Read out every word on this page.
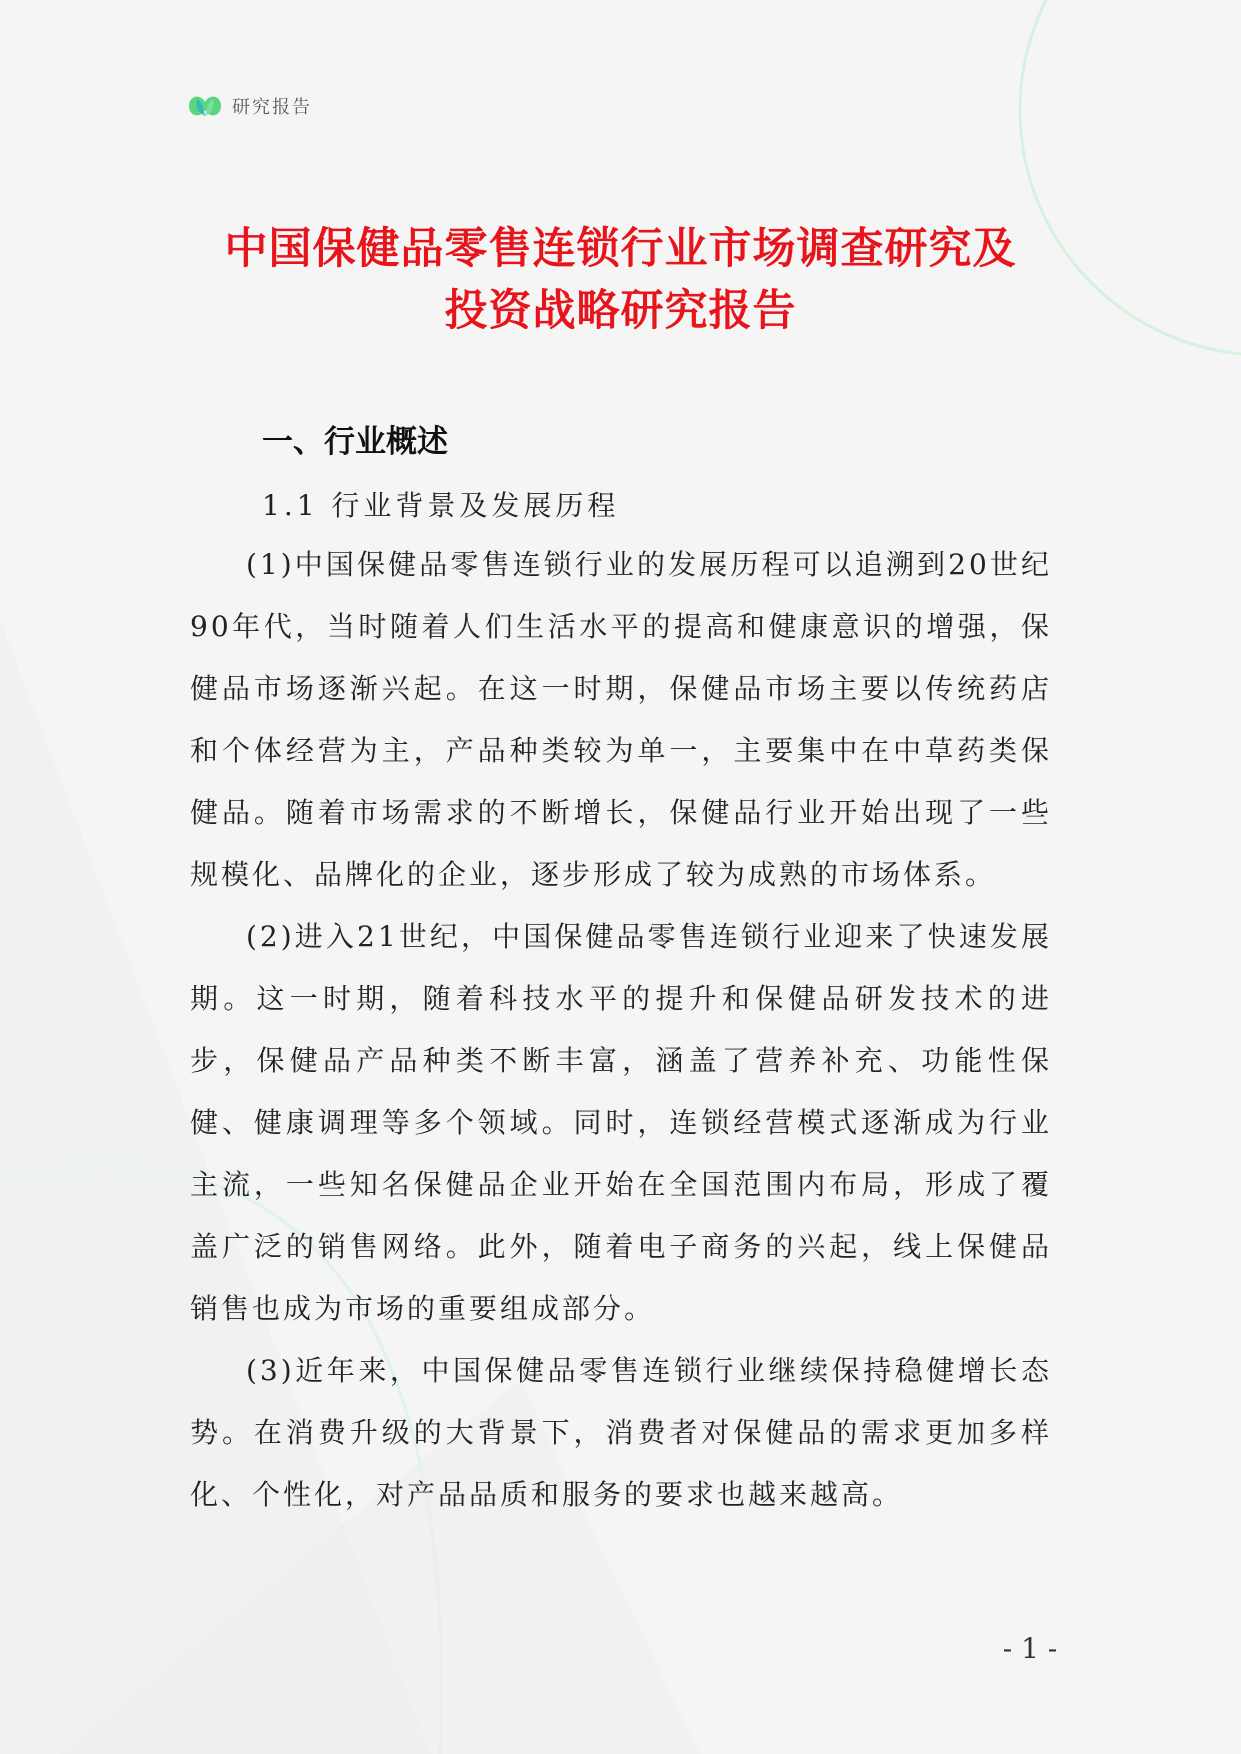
研究报告
中国保健品零售连锁行业市场调查研究及
投资战略研究报告
一、行业概述
1.1 行业背景及发展历程

(1)中国保健品零售连锁行业的发展历程可以追溯到20世纪90年代，当时随着人们生活水平的提高和健康意识的增强，保健品市场逐渐兴起。在这一时期，保健品市场主要以传统药店和个体经营为主，产品种类较为单一，主要集中在中草药类保健品。随着市场需求的不断增长，保健品行业开始出现了一些规模化、品牌化的企业，逐步形成了较为成熟的市场体系。

(2)进入21世纪，中国保健品零售连锁行业迎来了快速发展期。这一时期，随着科技水平的提升和保健品研发技术的进步，保健品产品种类不断丰富，涵盖了营养补充、功能性保健、健康调理等多个领域。同时，连锁经营模式逐渐成为行业主流，一些知名保健品企业开始在全国范围内布局，形成了覆盖广泛的销售网络。此外，随着电子商务的兴起，线上保健品销售也成为市场的重要组成部分。

(3)近年来，中国保健品零售连锁行业继续保持稳健增长态势。在消费升级的大背景下，消费者对保健品的需求更加多样化、个性化，对产品品质和服务的要求也越来越高。

- 1 -
